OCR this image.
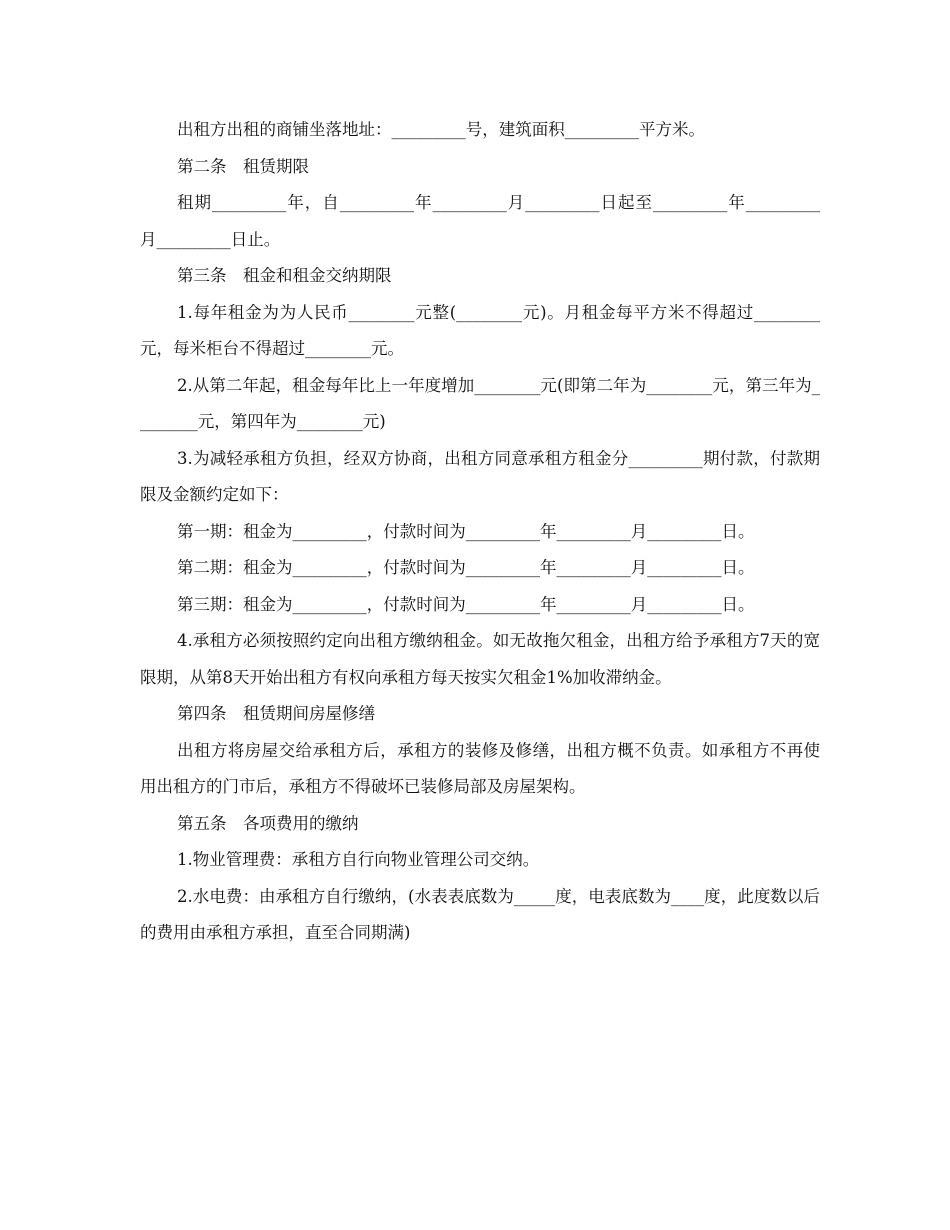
出租方出租的商铺坐落地址：_________号，建筑面积_________平方米。

第二条　租赁期限

租期_________年，自_________年_________月_________日起至_________年_________月_________日止。

第三条　租金和租金交纳期限

1.每年租金为为人民币________元整(________元)。月租金每平方米不得超过________元，每米柜台不得超过________元。

2.从第二年起，租金每年比上一年度增加________元(即第二年为________元，第三年为________元，第四年为________元)

3.为减轻承租方负担，经双方协商，出租方同意承租方租金分_________期付款，付款期限及金额约定如下：

第一期：租金为_________，付款时间为_________年_________月_________日。

第二期：租金为_________，付款时间为_________年_________月_________日。

第三期：租金为_________，付款时间为_________年_________月_________日。

4.承租方必须按照约定向出租方缴纳租金。如无故拖欠租金，出租方给予承租方7天的宽限期，从第8天开始出租方有权向承租方每天按实欠租金1%加收滞纳金。

第四条　租赁期间房屋修缮

出租方将房屋交给承租方后，承租方的装修及修缮，出租方概不负责。如承租方不再使用出租方的门市后，承租方不得破坏已装修局部及房屋架构。

第五条　各项费用的缴纳

1.物业管理费：承租方自行向物业管理公司交纳。

2.水电费：由承租方自行缴纳，(水表表底数为_____度，电表底数为____度，此度数以后的费用由承租方承担，直至合同期满)
